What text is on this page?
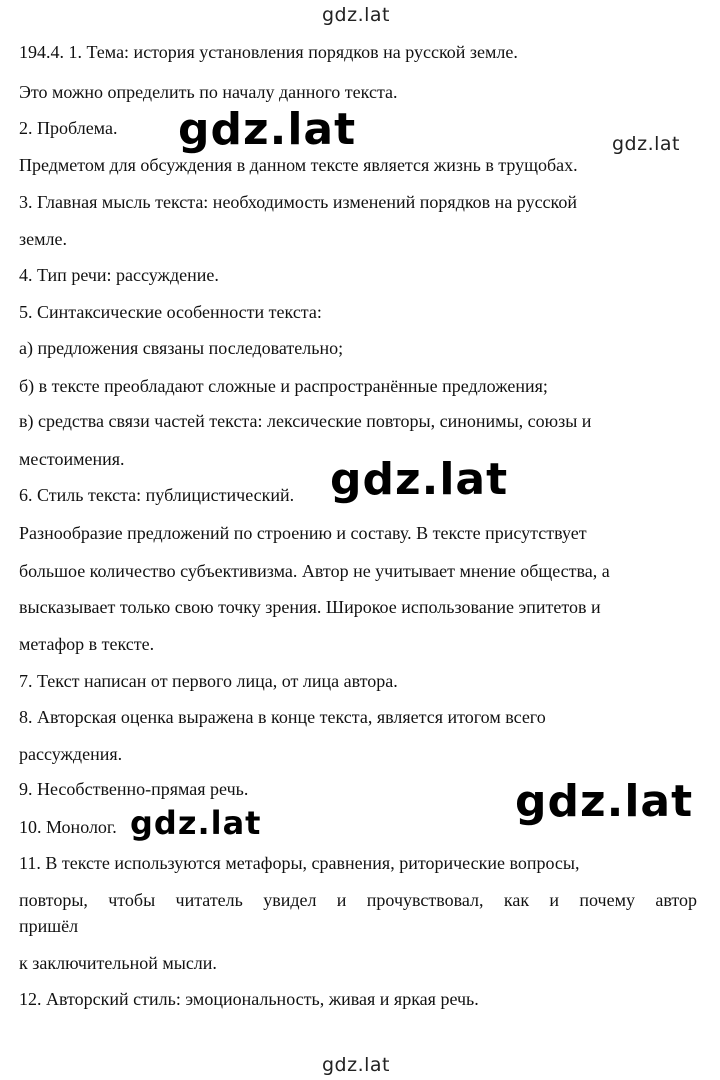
gdz.lat
194.4. 1. Тема: история установления порядков на русской земле.
Это можно определить по началу данного текста.
2. Проблема. gdz.lat	gdz.lat
Предметом для обсуждения в данном тексте является жизнь в трущобах.
3. Главная мысль текста: необходимость изменений порядков на русской
земле.
4. Тип речи: рассуждение.
5. Синтаксические особенности текста:
а) предложения связаны последовательно;
б) в тексте преобладают сложные и распространённые предложения;
в) средства связи частей текста: лексические повторы, синонимы, союзы и
местоимения.
6. Стиль текста: публицистический. gdz.lat
Разнообразие предложений по строению и составу. В тексте присутствует
большое количество субъективизма. Автор не учитывает мнение общества, а
высказывает только свою точку зрения. Широкое использование эпитетов и
метафор в тексте.
7. Текст написан от первого лица, от лица автора.
8. Авторская оценка выражена в конце текста, является итогом всего
рассуждения.
9. Несобственно-прямая речь.
10. Монолог. gdz.lat	gdz.lat
11. В тексте используются метафоры, сравнения, риторические вопросы,
повторы, чтобы читатель увидел и прочувствовал, как и почему автор
пришёл
к заключительной мысли.
12. Авторский стиль: эмоциональность, живая и яркая речь.
gdz.lat
